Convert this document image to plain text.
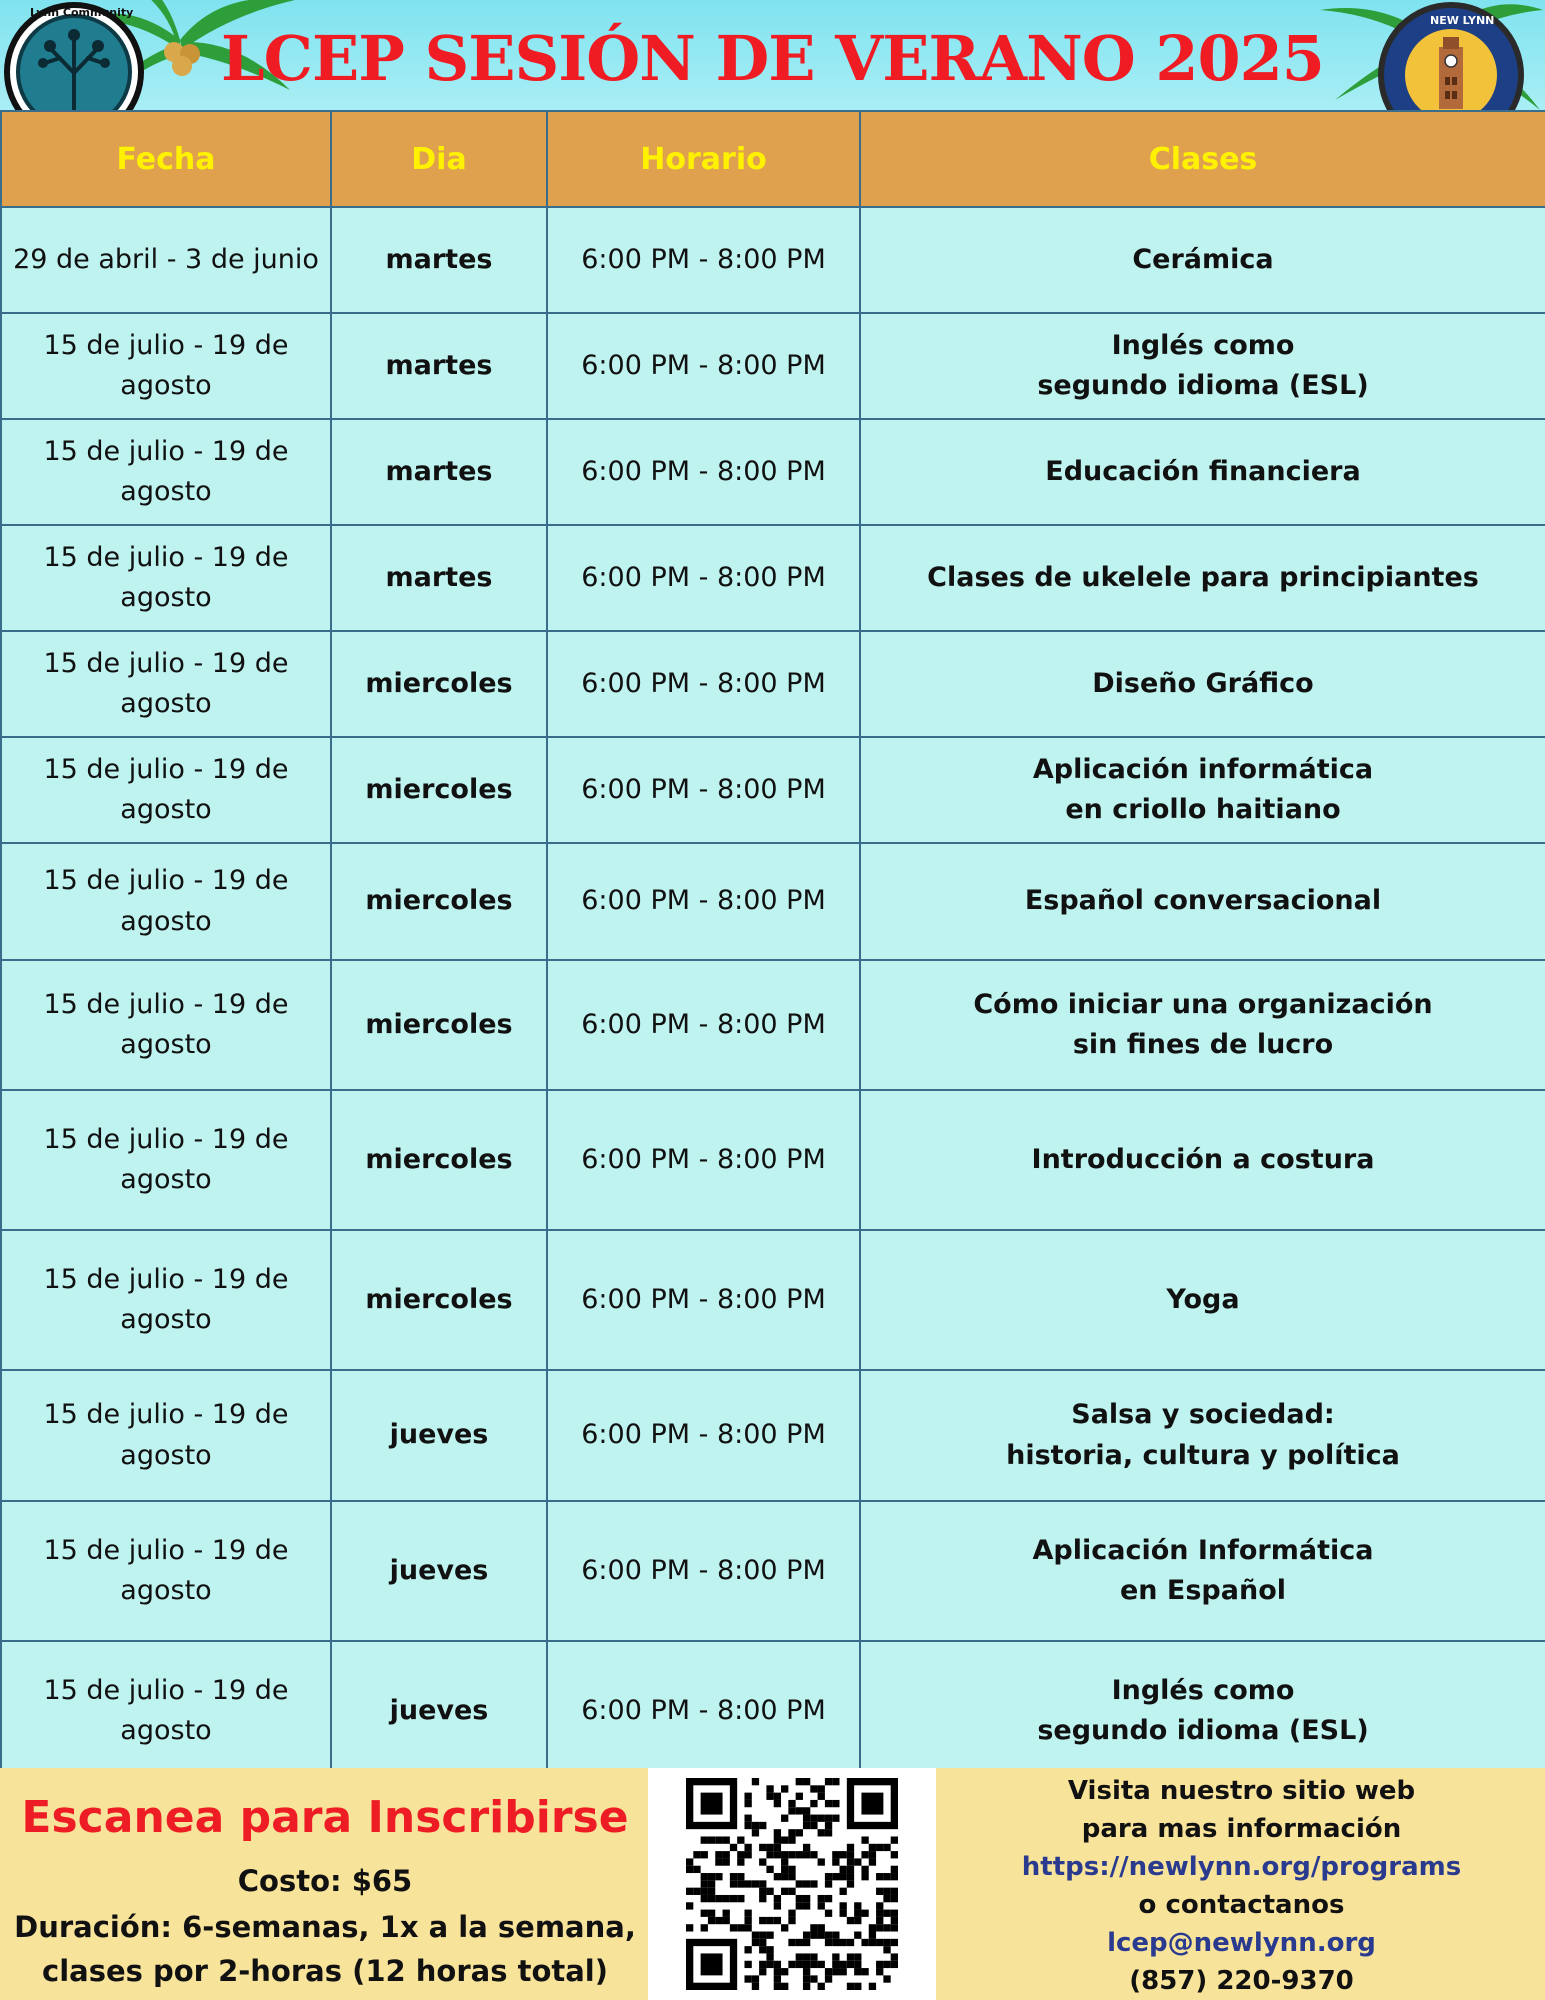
LCEP SESIÓN DE VERANO 2025
Lynn Community
NEW LYNN
Fecha	Dia	Horario	Clases
29 de abril - 3 de junio	martes	6:00 PM - 8:00 PM	Cerámica
15 de julio - 19 de agosto	martes	6:00 PM - 8:00 PM	Inglés como
segundo idioma (ESL)
15 de julio - 19 de agosto	martes	6:00 PM - 8:00 PM	Educación financiera
15 de julio - 19 de agosto	martes	6:00 PM - 8:00 PM	Clases de ukelele para principiantes
15 de julio - 19 de agosto	miercoles	6:00 PM - 8:00 PM	Diseño Gráfico
15 de julio - 19 de agosto	miercoles	6:00 PM - 8:00 PM	Aplicación informática
en criollo haitiano
15 de julio - 19 de agosto	miercoles	6:00 PM - 8:00 PM	Español conversacional
15 de julio - 19 de agosto	miercoles	6:00 PM - 8:00 PM	Cómo iniciar una organización
sin fines de lucro
15 de julio - 19 de agosto	miercoles	6:00 PM - 8:00 PM	Introducción a costura
15 de julio - 19 de agosto	miercoles	6:00 PM - 8:00 PM	Yoga
15 de julio - 19 de agosto	jueves	6:00 PM - 8:00 PM	Salsa y sociedad:
historia, cultura y política
15 de julio - 19 de agosto	jueves	6:00 PM - 8:00 PM	Aplicación Informática
en Español
15 de julio - 19 de agosto	jueves	6:00 PM - 8:00 PM	Inglés como
segundo idioma (ESL)
Escanea para Inscribirse
Costo: $65
Duración: 6-semanas, 1x a la semana,
clases por 2-horas (12 horas total)
Visita nuestro sitio web
para mas información
https://newlynn.org/programs
o contactanos
lcep@newlynn.org
(857) 220-9370
